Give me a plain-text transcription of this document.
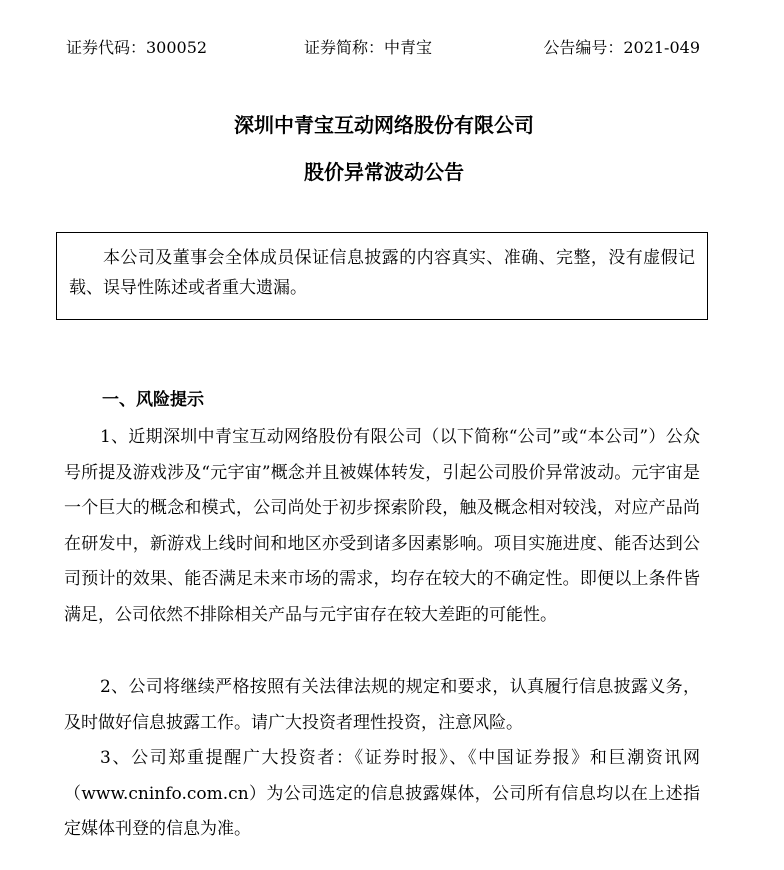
证券代码：300052	证券简称：中青宝	公告编号：2021-049
深圳中青宝互动网络股份有限公司
股价异常波动公告
本公司及董事会全体成员保证信息披露的内容真实、准确、完整，没有虚假记载、误导性陈述或者重大遗漏。
一、风险提示

1、近期深圳中青宝互动网络股份有限公司（以下简称“公司”或“本公司”）公众号所提及游戏涉及“元宇宙”概念并且被媒体转发，引起公司股价异常波动。元宇宙是一个巨大的概念和模式，公司尚处于初步探索阶段，触及概念相对较浅，对应产品尚在研发中，新游戏上线时间和地区亦受到诸多因素影响。项目实施进度、能否达到公司预计的效果、能否满足未来市场的需求，均存在较大的不确定性。即便以上条件皆满足，公司依然不排除相关产品与元宇宙存在较大差距的可能性。

2、公司将继续严格按照有关法律法规的规定和要求，认真履行信息披露义务，及时做好信息披露工作。请广大投资者理性投资，注意风险。

3、公司郑重提醒广大投资者：《证券时报》、《中国证券报》和巨潮资讯网（www.cninfo.com.cn）为公司选定的信息披露媒体，公司所有信息均以在上述指定媒体刊登的信息为准。
